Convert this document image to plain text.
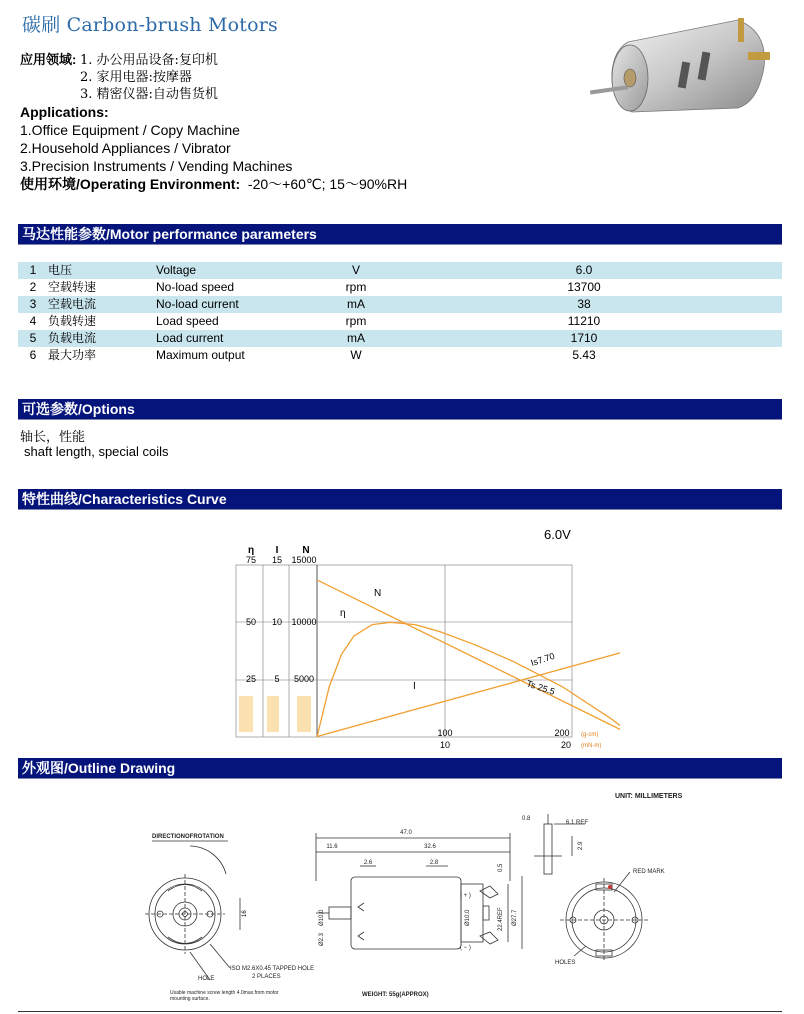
碳刷 Carbon-brush Motors
应用领域: 1. 办公用品设备:复印机
2. 家用电器:按摩器
3. 精密仪器:自动售货机
Applications:
1.Office Equipment / Copy Machine
2.Household Appliances / Vibrator
3.Precision Instruments / Vending Machines
使用环境/Operating Environment: -20～+60℃; 15～90%RH
马达性能参数/Motor performance parameters
1	电压	Voltage	V	6.0
2	空载转速	No-load speed	rpm	13700
3	空载电流	No-load current	mA	38
4	负载转速	Load speed	rpm	11210
5	负载电流	Load current	mA	1710
6	最大功率	Maximum output	W	5.43
可选参数/Options
轴长，性能
shaft length, special coils
特性曲线/Characteristics Curve
6.0V
η I N
75
50
25
15
10
5
15000
10000
5000
100	200
10	20
(g-cm)
(mN-m)
N
η
I
Is7.70
Ts 25.5
外观图/Outline Drawing
UNIT: MILLIMETERS
DIRECTIONOFROTATION
ISO M2.6X0.45 TAPPED HOLE
2 PLACES
HOLE
Usable machine screw length 4.0max.from motor
mounting surface.
WEIGHT: 55g(APPROX)
RED MARK
HOLES
16
47.0
11.6	32.6
2.6	2.8
0.5
Ø10.0
Ø2.3
Ø10.0	22.4REF Ø27.7
( + )
( − )
0.8
6.1 REF
2.9
